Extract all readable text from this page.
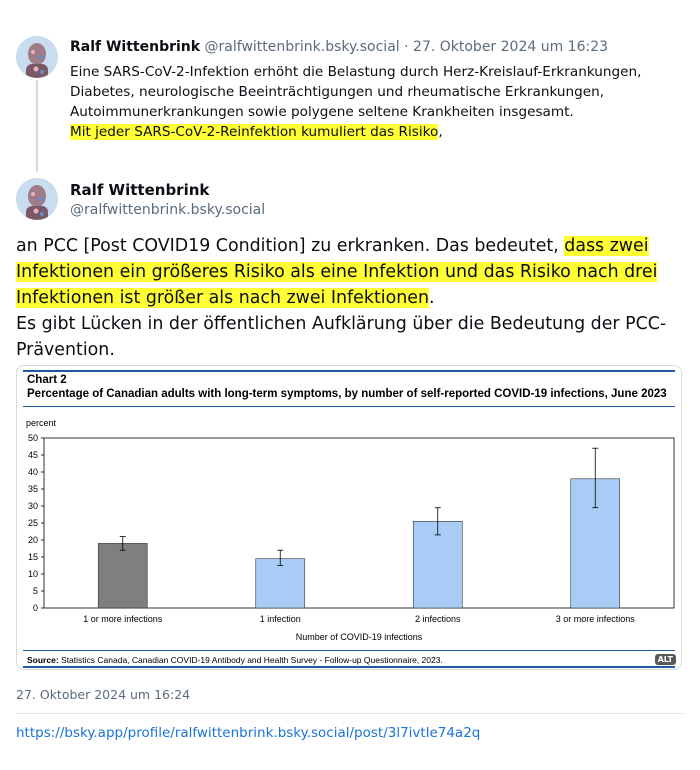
Ralf Wittenbrink @ralfwittenbrink.bsky.social · 27. Oktober 2024 um 16:23
Eine SARS-CoV-2-Infektion erhöht die Belastung durch Herz-Kreislauf-Erkrankungen, Diabetes, neurologische Beeinträchtigungen und rheumatische Erkrankungen, Autoimmunerkrankungen sowie polygene seltene Krankheiten insgesamt.
Mit jeder SARS-CoV-2-Reinfektion kumuliert das Risiko,
Ralf Wittenbrink
@ralfwittenbrink.bsky.social
an PCC [Post COVID19 Condition] zu erkranken. Das bedeutet, dass zwei Infektionen ein größeres Risiko als eine Infektion und das Risiko nach drei Infektionen ist größer als nach zwei Infektionen.
Es gibt Lücken in der öffentlichen Aufklärung über die Bedeutung der PCC-Prävention.
Chart 2
Percentage of Canadian adults with long-term symptoms, by number of self-reported COVID-19 infections, June 2023
percent
0
5
10
15
20
25
30
35
40
45
50
1 or more infections	1 infection	2 infections	3 or more infections
Number of COVID-19 infections
Source: Statistics Canada, Canadian COVID-19 Antibody and Health Survey - Follow-up Questionnaire, 2023.	ALT
27. Oktober 2024 um 16:24
https://bsky.app/profile/ralfwittenbrink.bsky.social/post/3l7ivtle74a2q
